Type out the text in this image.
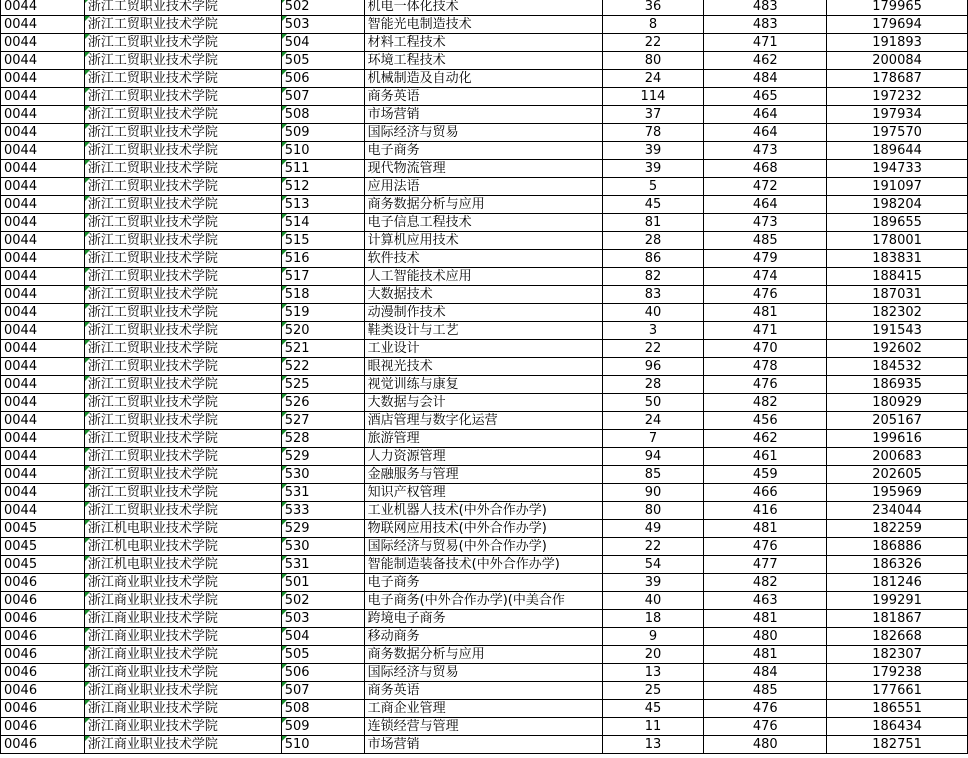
0044	浙江工贸职业技术学院	502	机电一体化技术	36	483	179965
0044	浙江工贸职业技术学院	503	智能光电制造技术	8	483	179694
0044	浙江工贸职业技术学院	504	材料工程技术	22	471	191893
0044	浙江工贸职业技术学院	505	环境工程技术	80	462	200084
0044	浙江工贸职业技术学院	506	机械制造及自动化	24	484	178687
0044	浙江工贸职业技术学院	507	商务英语	114	465	197232
0044	浙江工贸职业技术学院	508	市场营销	37	464	197934
0044	浙江工贸职业技术学院	509	国际经济与贸易	78	464	197570
0044	浙江工贸职业技术学院	510	电子商务	39	473	189644
0044	浙江工贸职业技术学院	511	现代物流管理	39	468	194733
0044	浙江工贸职业技术学院	512	应用法语	5	472	191097
0044	浙江工贸职业技术学院	513	商务数据分析与应用	45	464	198204
0044	浙江工贸职业技术学院	514	电子信息工程技术	81	473	189655
0044	浙江工贸职业技术学院	515	计算机应用技术	28	485	178001
0044	浙江工贸职业技术学院	516	软件技术	86	479	183831
0044	浙江工贸职业技术学院	517	人工智能技术应用	82	474	188415
0044	浙江工贸职业技术学院	518	大数据技术	83	476	187031
0044	浙江工贸职业技术学院	519	动漫制作技术	40	481	182302
0044	浙江工贸职业技术学院	520	鞋类设计与工艺	3	471	191543
0044	浙江工贸职业技术学院	521	工业设计	22	470	192602
0044	浙江工贸职业技术学院	522	眼视光技术	96	478	184532
0044	浙江工贸职业技术学院	525	视觉训练与康复	28	476	186935
0044	浙江工贸职业技术学院	526	大数据与会计	50	482	180929
0044	浙江工贸职业技术学院	527	酒店管理与数字化运营	24	456	205167
0044	浙江工贸职业技术学院	528	旅游管理	7	462	199616
0044	浙江工贸职业技术学院	529	人力资源管理	94	461	200683
0044	浙江工贸职业技术学院	530	金融服务与管理	85	459	202605
0044	浙江工贸职业技术学院	531	知识产权管理	90	466	195969
0044	浙江工贸职业技术学院	533	工业机器人技术(中外合作办学)	80	416	234044
0045	浙江机电职业技术学院	529	物联网应用技术(中外合作办学)	49	481	182259
0045	浙江机电职业技术学院	530	国际经济与贸易(中外合作办学)	22	476	186886
0045	浙江机电职业技术学院	531	智能制造装备技术(中外合作办学)	54	477	186326
0046	浙江商业职业技术学院	501	电子商务	39	482	181246
0046	浙江商业职业技术学院	502	电子商务(中外合作办学)(中美合作	40	463	199291
0046	浙江商业职业技术学院	503	跨境电子商务	18	481	181867
0046	浙江商业职业技术学院	504	移动商务	9	480	182668
0046	浙江商业职业技术学院	505	商务数据分析与应用	20	481	182307
0046	浙江商业职业技术学院	506	国际经济与贸易	13	484	179238
0046	浙江商业职业技术学院	507	商务英语	25	485	177661
0046	浙江商业职业技术学院	508	工商企业管理	45	476	186551
0046	浙江商业职业技术学院	509	连锁经营与管理	11	476	186434
0046	浙江商业职业技术学院	510	市场营销	13	480	182751
